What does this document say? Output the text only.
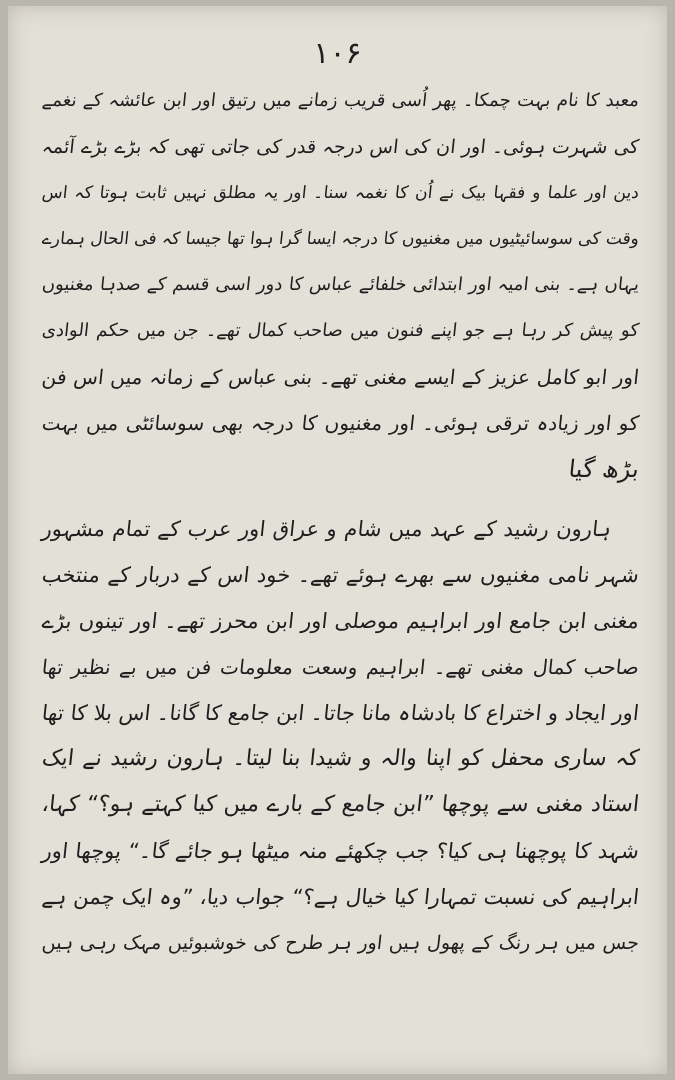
۱۰۶
معبد کا نام بہت چمکا۔ پھر اُسی قریب زمانے میں رتیق اور ابن عائشہ کے نغمے
کی شہرت ہوئی۔ اور ان کی اس درجہ قدر کی جاتی تھی کہ بڑے بڑے آئمہ
دین اور علما و فقہا بیک نے اُن کا نغمہ سنا۔ اور یہ مطلق نہیں ثابت ہوتا کہ اس
وقت کی سوسائیٹیوں میں مغنیوں کا درجہ ایسا گرا ہوا تھا جیسا کہ فی الحال ہمارے
یہاں ہے۔ بنی امیہ اور ابتدائی خلفائے عباس کا دور اسی قسم کے صدہا مغنیوں
کو پیش کر رہا ہے جو اپنے فنون میں صاحب کمال تھے۔ جن میں حکم الوادی
اور ابو کامل عزیز کے ایسے مغنی تھے۔ بنی عباس کے زمانہ میں اس فن
کو اور زیادہ ترقی ہوئی۔ اور مغنیوں کا درجہ بھی سوسائٹی میں بہت
بڑھ گیا
ہارون رشید کے عہد میں شام و عراق اور عرب کے تمام مشہور
شہر نامی مغنیوں سے بھرے ہوئے تھے۔ خود اس کے دربار کے منتخب
مغنی ابن جامع اور ابراہیم موصلی اور ابن محرز تھے۔ اور تینوں بڑے
صاحب کمال مغنی تھے۔ ابراہیم وسعت معلومات فن میں بے نظیر تھا
اور ایجاد و اختراع کا بادشاہ مانا جاتا۔ ابن جامع کا گانا۔ اس بلا کا تھا
کہ ساری محفل کو اپنا والہ و شیدا بنا لیتا۔ ہارون رشید نے ایک
استاد مغنی سے پوچھا ”ابن جامع کے بارے میں کیا کہتے ہو؟“ کہا،
شہد کا پوچھنا ہی کیا؟ جب چکھئے منہ میٹھا ہو جائے گا۔“ پوچھا اور
ابراہیم کی نسبت تمہارا کیا خیال ہے؟“ جواب دیا، ”وہ ایک چمن ہے
جس میں ہر رنگ کے پھول ہیں اور ہر طرح کی خوشبوئیں مہک رہی ہیں
